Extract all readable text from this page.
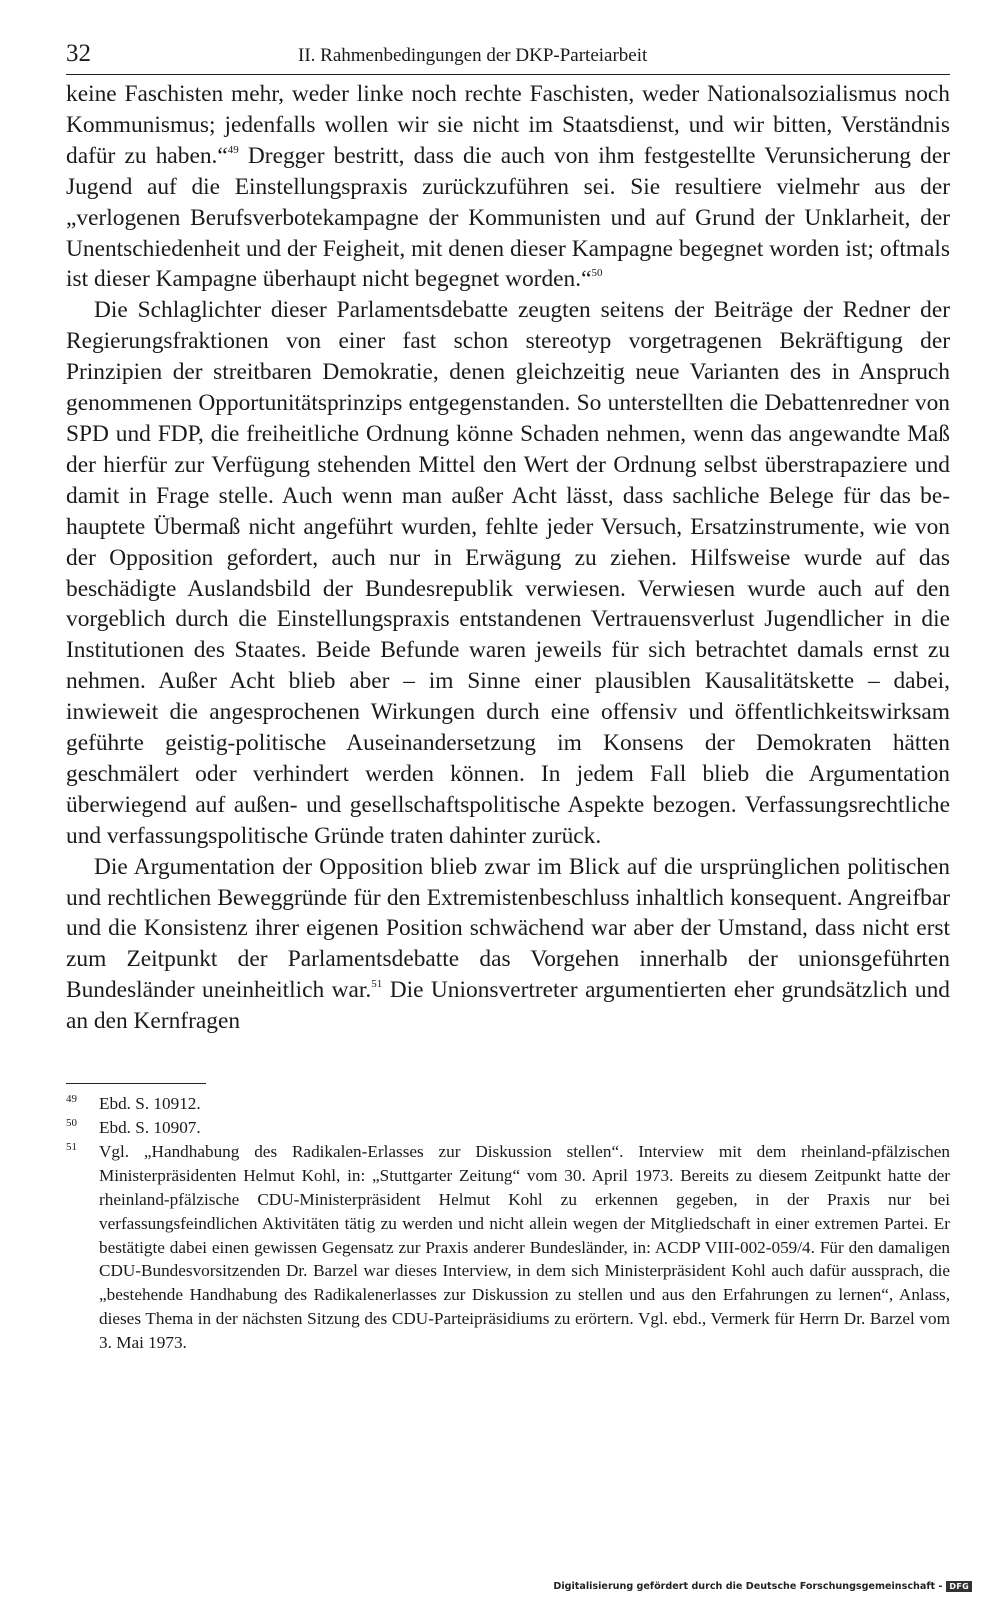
32	II. Rahmenbedingungen der DKP-Parteiarbeit

keine Faschisten mehr, weder linke noch rechte Faschisten, weder Nationalsozialismus noch Kommunismus; jedenfalls wollen wir sie nicht im Staatsdienst, und wir bitten, Verständnis dafür zu haben.“$^{49}$ Dregger bestritt, dass die auch von ihm festgestellte Verunsicherung der Jugend auf die Einstellungspraxis zurückzuführen sei. Sie resultiere vielmehr aus der „verlogenen Berufsverbotekampagne der Kommunisten und auf Grund der Unklarheit, der Unentschiedenheit und der Feigheit, mit denen dieser Kampagne begegnet worden ist; oftmals ist dieser Kampagne überhaupt nicht begegnet worden.“$^{50}$

Die Schlaglichter dieser Parlamentsdebatte zeugten seitens der Beiträge der Redner der Regierungsfraktionen von einer fast schon stereotyp vorgetragenen Bekräftigung der Prinzipien der streitbaren Demokratie, denen gleichzeitig neue Varianten des in Anspruch genommenen Opportunitätsprinzips entgegenstanden. So unterstellten die Debattenredner von SPD und FDP, die freiheitliche Ordnung könne Schaden nehmen, wenn das angewandte Maß der hierfür zur Verfügung stehenden Mittel den Wert der Ordnung selbst überstrapaziere und damit in Frage stelle. Auch wenn man außer Acht lässt, dass sachliche Belege für das behauptete Übermaß nicht angeführt wurden, fehlte jeder Versuch, Ersatzinstrumente, wie von der Opposition gefordert, auch nur in Erwägung zu ziehen. Hilfsweise wurde auf das beschädigte Auslandsbild der Bundesrepublik verwiesen. Verwiesen wurde auch auf den vorgeblich durch die Einstellungspraxis entstandenen Vertrauensverlust Jugendlicher in die Institutionen des Staates. Beide Befunde waren jeweils für sich betrachtet damals ernst zu nehmen. Außer Acht blieb aber – im Sinne einer plausiblen Kausalitätskette – dabei, inwieweit die angesprochenen Wirkungen durch eine offensiv und öffentlichkeitswirksam geführte geistig-politische Auseinandersetzung im Konsens der Demokraten hätten geschmälert oder verhindert werden können. In jedem Fall blieb die Argumentation überwiegend auf außen- und gesellschaftspolitische Aspekte bezogen. Verfassungsrechtliche und verfassungspolitische Gründe traten dahinter zurück.

Die Argumentation der Opposition blieb zwar im Blick auf die ursprünglichen politischen und rechtlichen Beweggründe für den Extremistenbeschluss inhaltlich konsequent. Angreifbar und die Konsistenz ihrer eigenen Position schwächend war aber der Umstand, dass nicht erst zum Zeitpunkt der Parlamentsdebatte das Vorgehen innerhalb der unionsgeführten Bundesländer uneinheitlich war.$^{51}$ Die Unionsvertreter argumentierten eher grundsätzlich und an den Kernfragen

49	Ebd. S. 10912.
50	Ebd. S. 10907.
51	Vgl. „Handhabung des Radikalen-Erlasses zur Diskussion stellen“. Interview mit dem rheinland-pfälzischen Ministerpräsidenten Helmut Kohl, in: „Stuttgarter Zeitung“ vom 30. April 1973. Bereits zu diesem Zeitpunkt hatte der rheinland-pfälzische CDU-Ministerpräsident Helmut Kohl zu erkennen gegeben, in der Praxis nur bei verfassungsfeindlichen Aktivitäten tätig zu werden und nicht allein wegen der Mitgliedschaft in einer extremen Partei. Er bestätigte dabei einen gewissen Gegensatz zur Praxis anderer Bundesländer, in: ACDP VIII-002-059/4. Für den damaligen CDU-Bundesvorsitzenden Dr. Barzel war dieses Interview, in dem sich Ministerpräsident Kohl auch dafür aussprach, die „bestehende Handhabung des Radikalenerlasses zur Diskussion zu stellen und aus den Erfahrungen zu lernen“, Anlass, dieses Thema in der nächsten Sitzung des CDU-Parteipräsidiums zu erörtern. Vgl. ebd., Vermerk für Herrn Dr. Barzel vom 3. Mai 1973.
Digitalisierung gefördert durch die Deutsche Forschungsgemeinschaft - DFG
